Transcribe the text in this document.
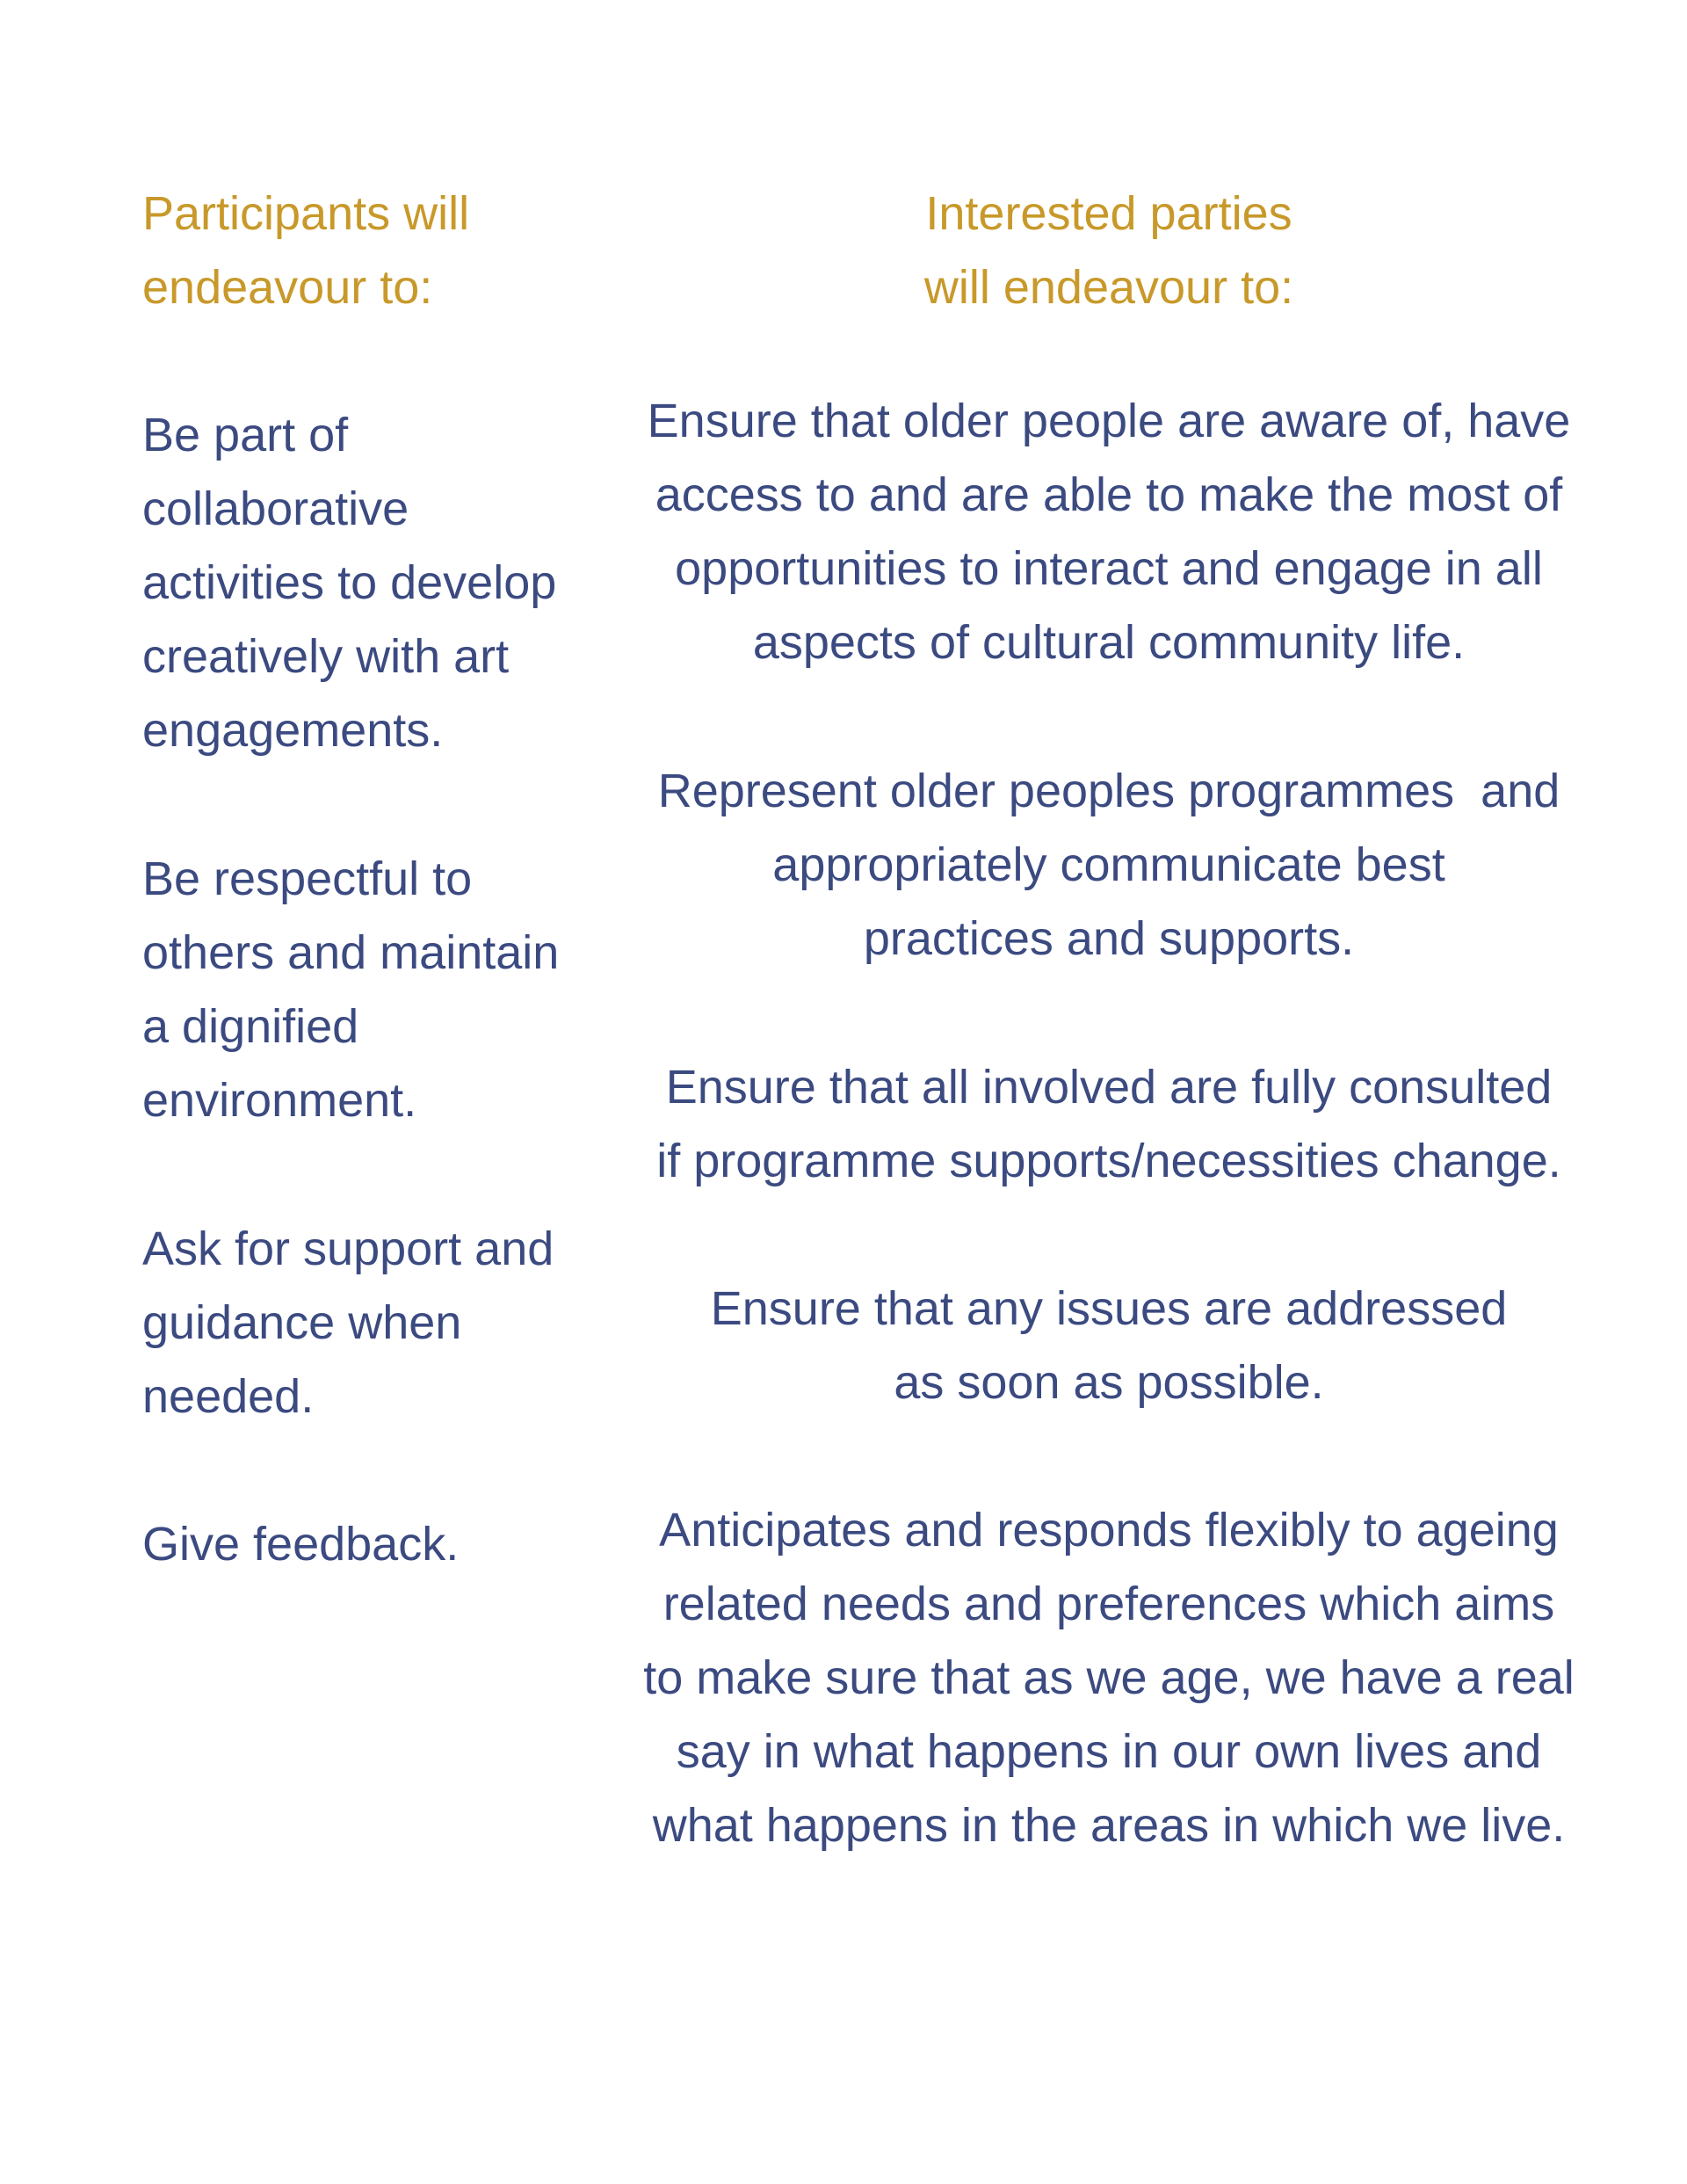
Participants will
endeavour to:
Be part of
collaborative
activities to develop
creatively with art
engagements.
Be respectful to
others and maintain
a dignified
environment.
Ask for support and
guidance when
needed.
Give feedback.
Interested parties
will endeavour to:
Ensure that older people are aware of, have
access to and are able to make the most of
opportunities to interact and engage in all
aspects of cultural community life.
Represent older peoples programmes  and
appropriately communicate best
practices and supports.
Ensure that all involved are fully consulted
if programme supports/necessities change.
Ensure that any issues are addressed
as soon as possible.
Anticipates and responds flexibly to ageing
related needs and preferences which aims
to make sure that as we age, we have a real
say in what happens in our own lives and
what happens in the areas in which we live.
